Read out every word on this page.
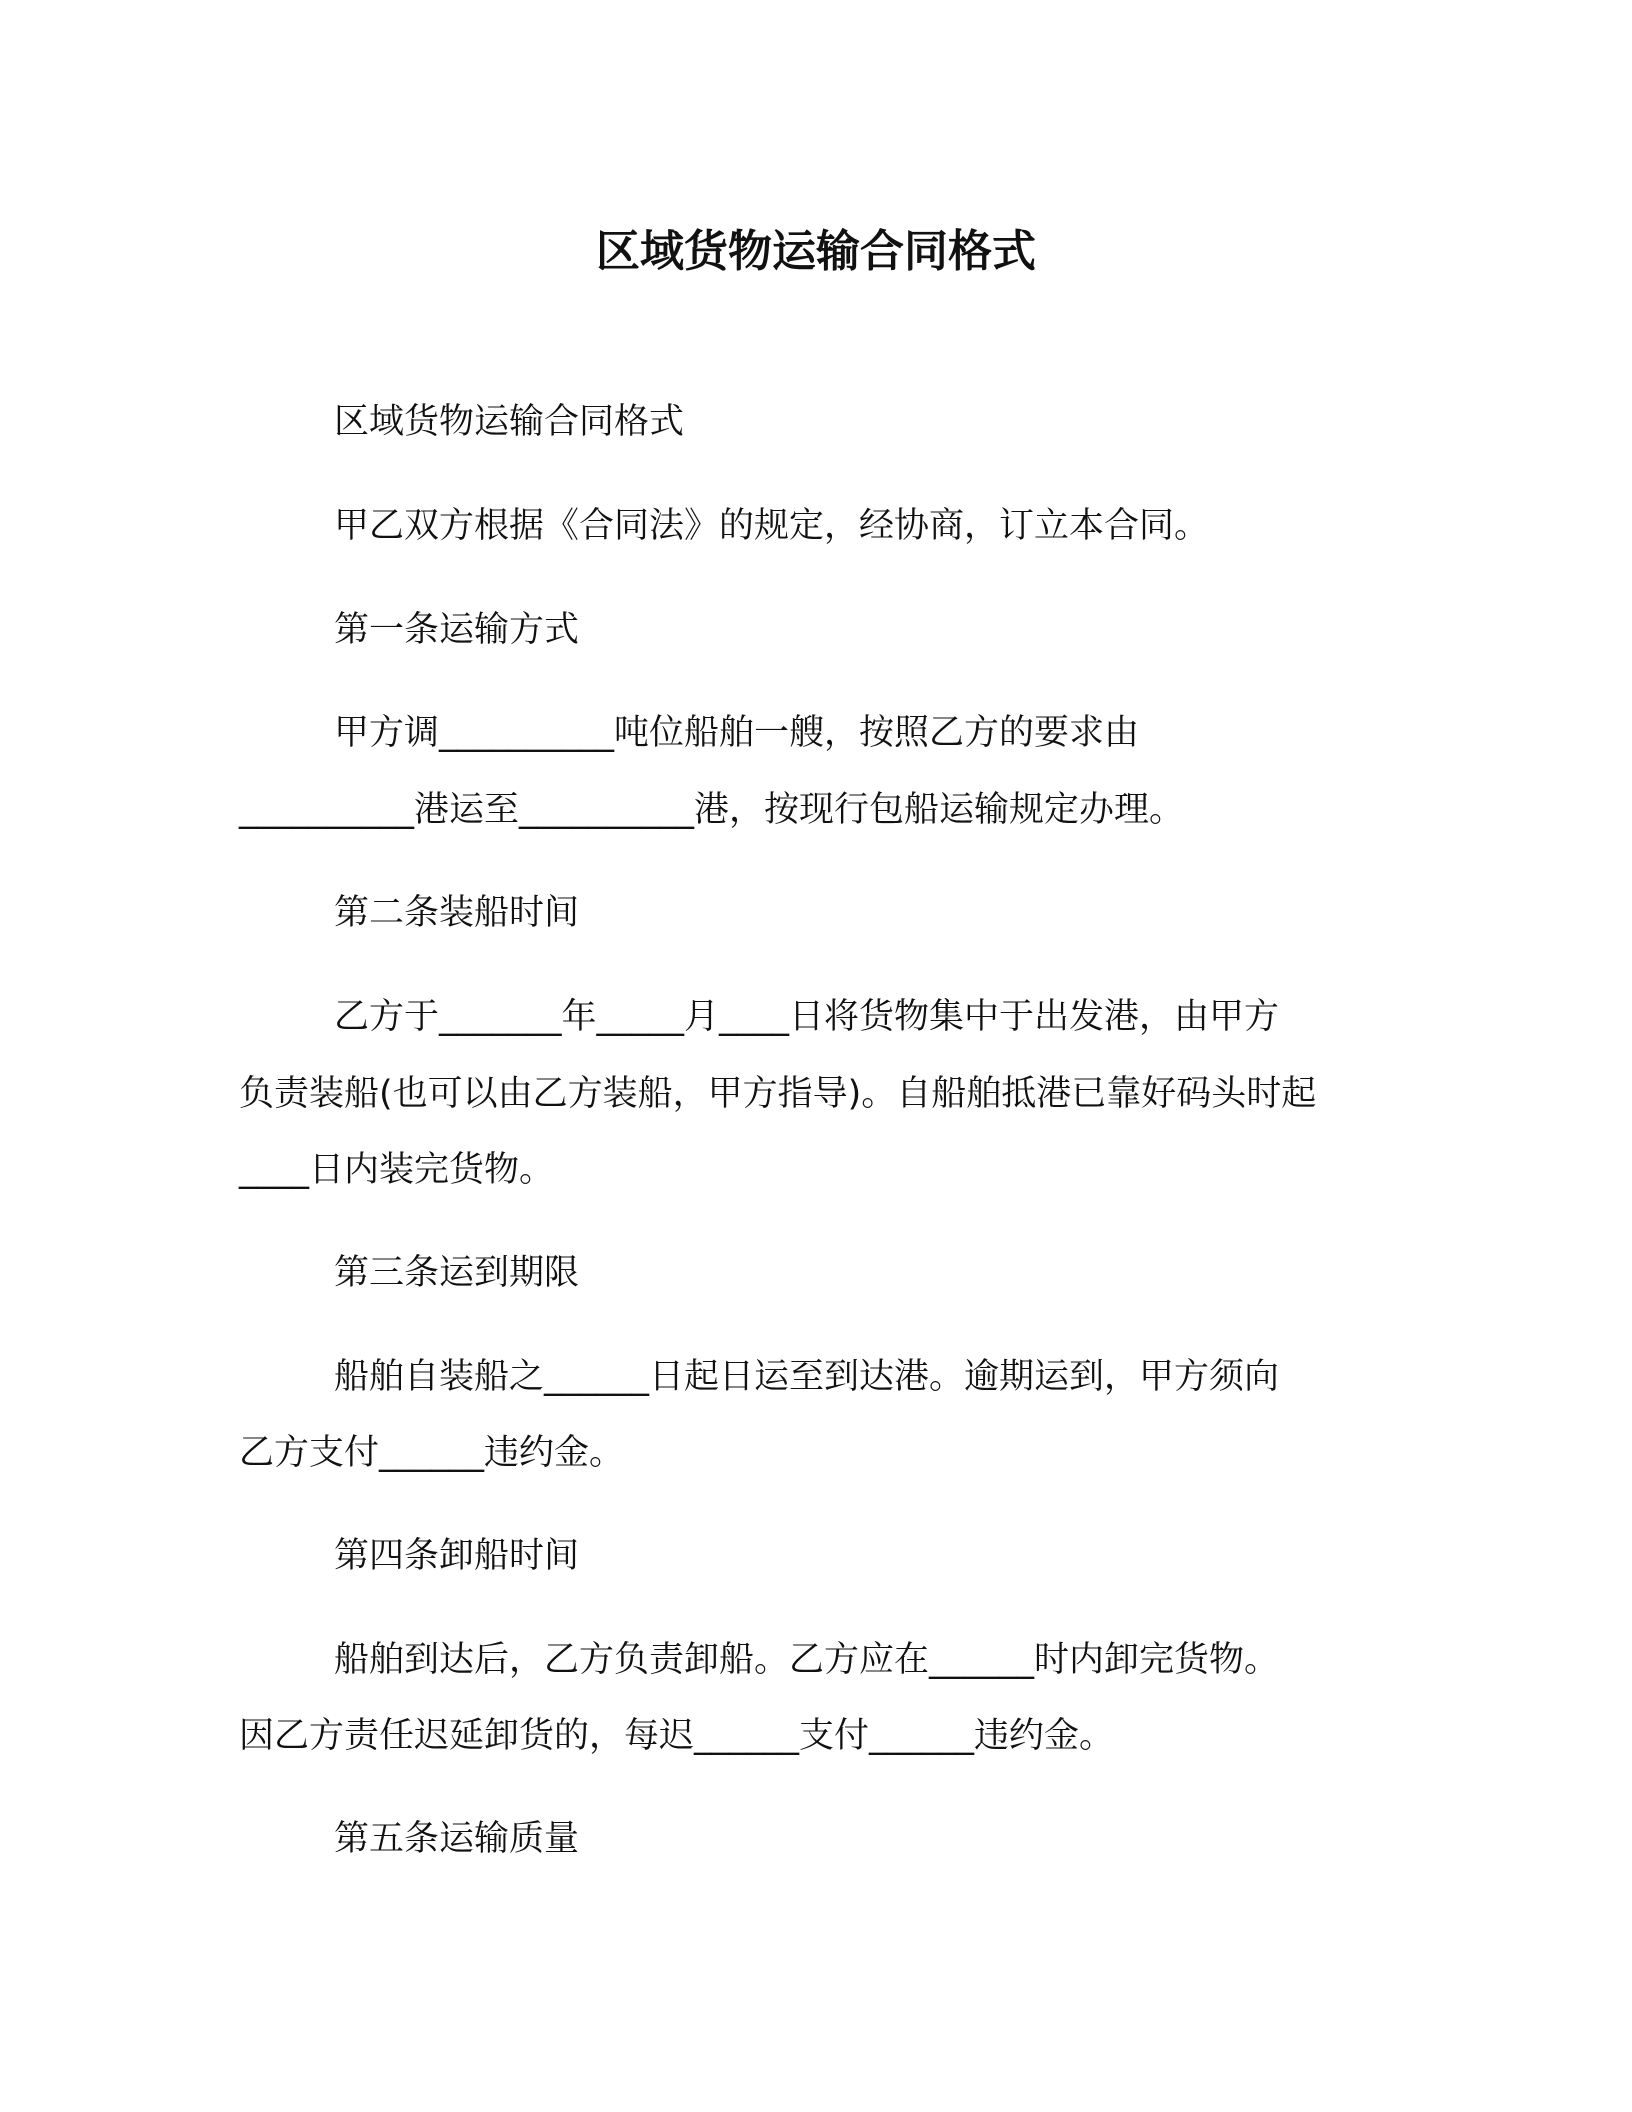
区域货物运输合同格式
区域货物运输合同格式
甲乙双方根据《合同法》的规定，经协商，订立本合同。
第一条运输方式
甲方调__________吨位船舶一艘，按照乙方的要求由
__________港运至__________港，按现行包船运输规定办理。
第二条装船时间
乙方于_______年_____月____日将货物集中于出发港，由甲方
负责装船(也可以由乙方装船，甲方指导)。自船舶抵港已靠好码头时起
____日内装完货物。
第三条运到期限
船舶自装船之______日起日运至到达港。逾期运到，甲方须向
乙方支付______违约金。
第四条卸船时间
船舶到达后，乙方负责卸船。乙方应在______时内卸完货物。
因乙方责任迟延卸货的，每迟______支付______违约金。
第五条运输质量
